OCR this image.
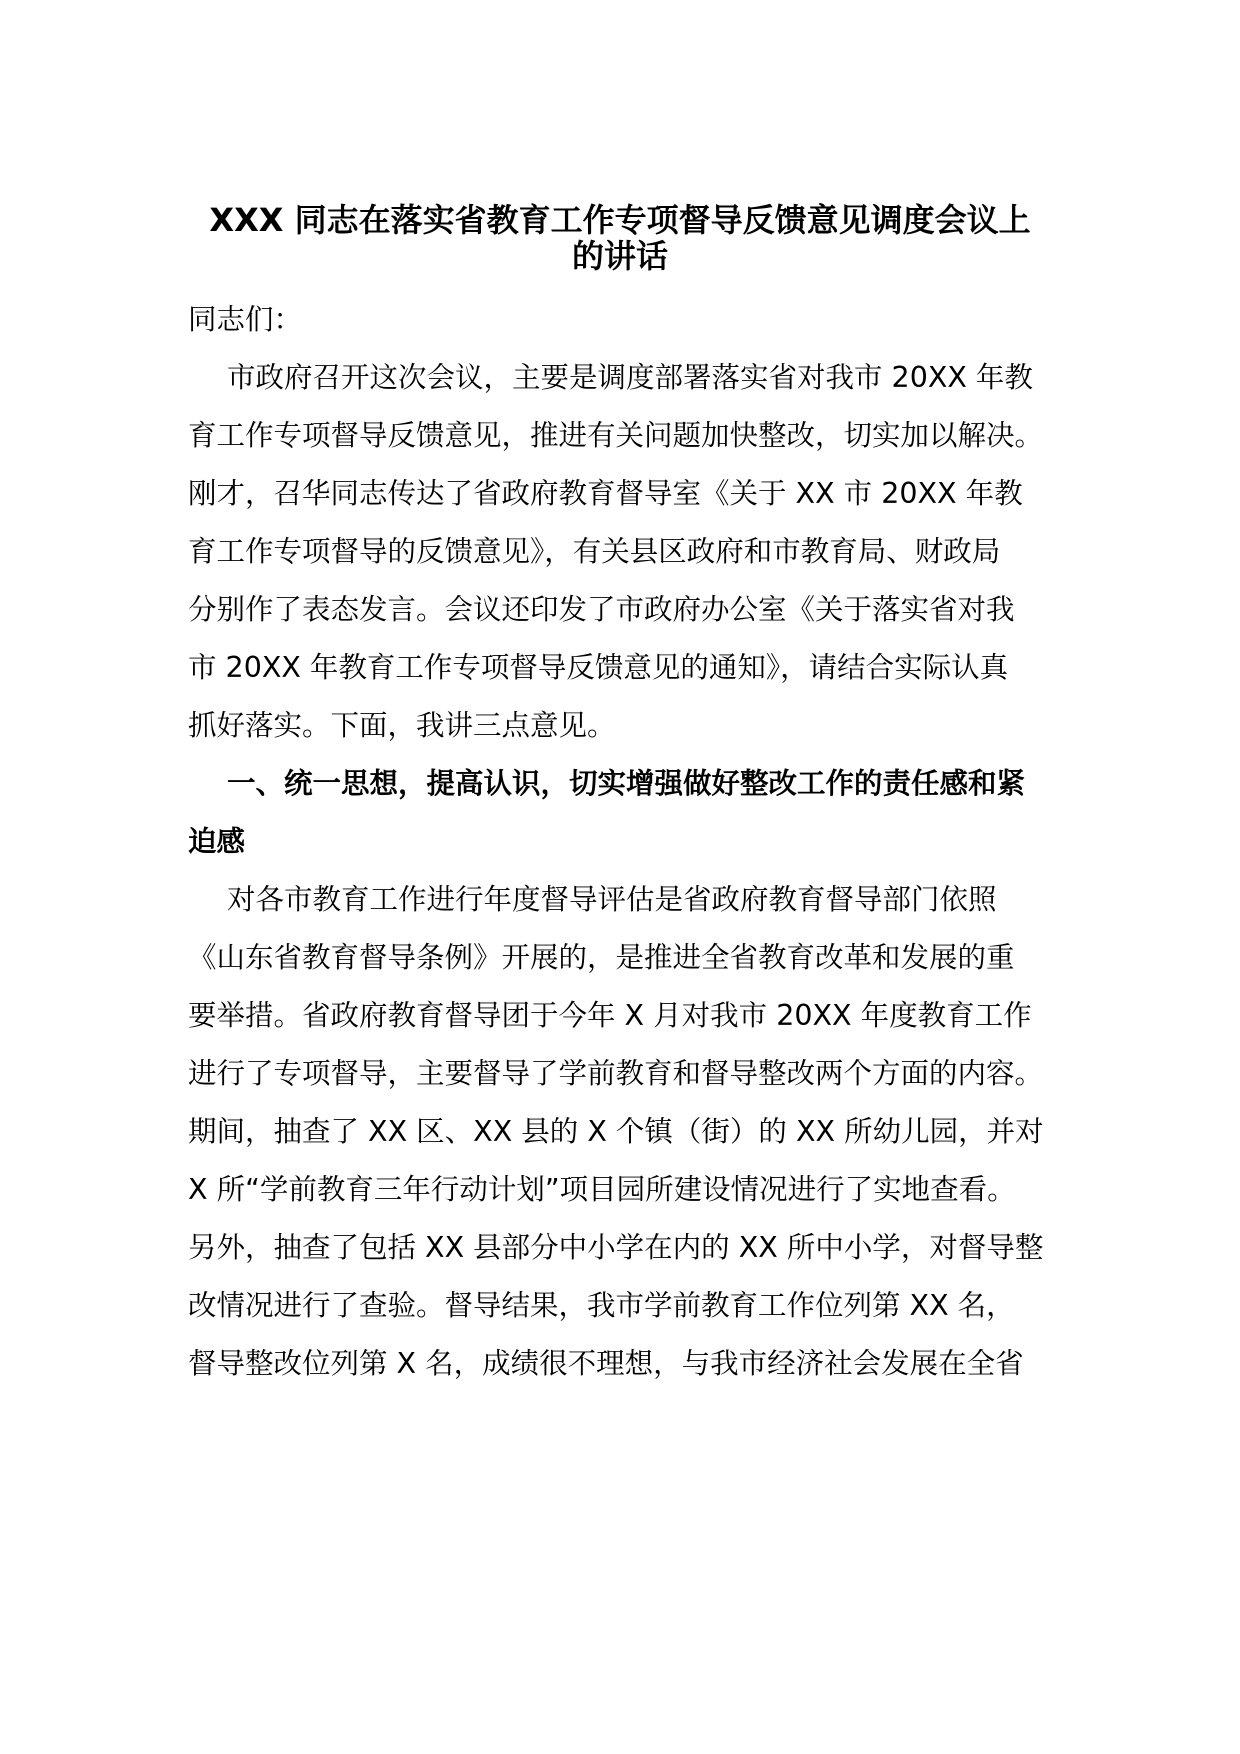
XXX 同志在落实省教育工作专项督导反馈意见调度会议上
的讲话
同志们：
市政府召开这次会议，主要是调度部署落实省对我市 20XX 年教
育工作专项督导反馈意见，推进有关问题加快整改，切实加以解决。
刚才，召华同志传达了省政府教育督导室《关于 XX 市 20XX 年教
育工作专项督导的反馈意见》，有关县区政府和市教育局、财政局
分别作了表态发言。会议还印发了市政府办公室《关于落实省对我
市 20XX 年教育工作专项督导反馈意见的通知》，请结合实际认真
抓好落实。下面，我讲三点意见。
一、统一思想，提高认识，切实增强做好整改工作的责任感和紧
迫感
对各市教育工作进行年度督导评估是省政府教育督导部门依照
《山东省教育督导条例》开展的，是推进全省教育改革和发展的重
要举措。省政府教育督导团于今年 X 月对我市 20XX 年度教育工作
进行了专项督导，主要督导了学前教育和督导整改两个方面的内容。
期间，抽查了 XX 区、XX 县的 X 个镇（街）的 XX 所幼儿园，并对
X 所“学前教育三年行动计划”项目园所建设情况进行了实地查看。
另外，抽查了包括 XX 县部分中小学在内的 XX 所中小学，对督导整
改情况进行了查验。督导结果，我市学前教育工作位列第 XX 名，
督导整改位列第 X 名，成绩很不理想，与我市经济社会发展在全省
